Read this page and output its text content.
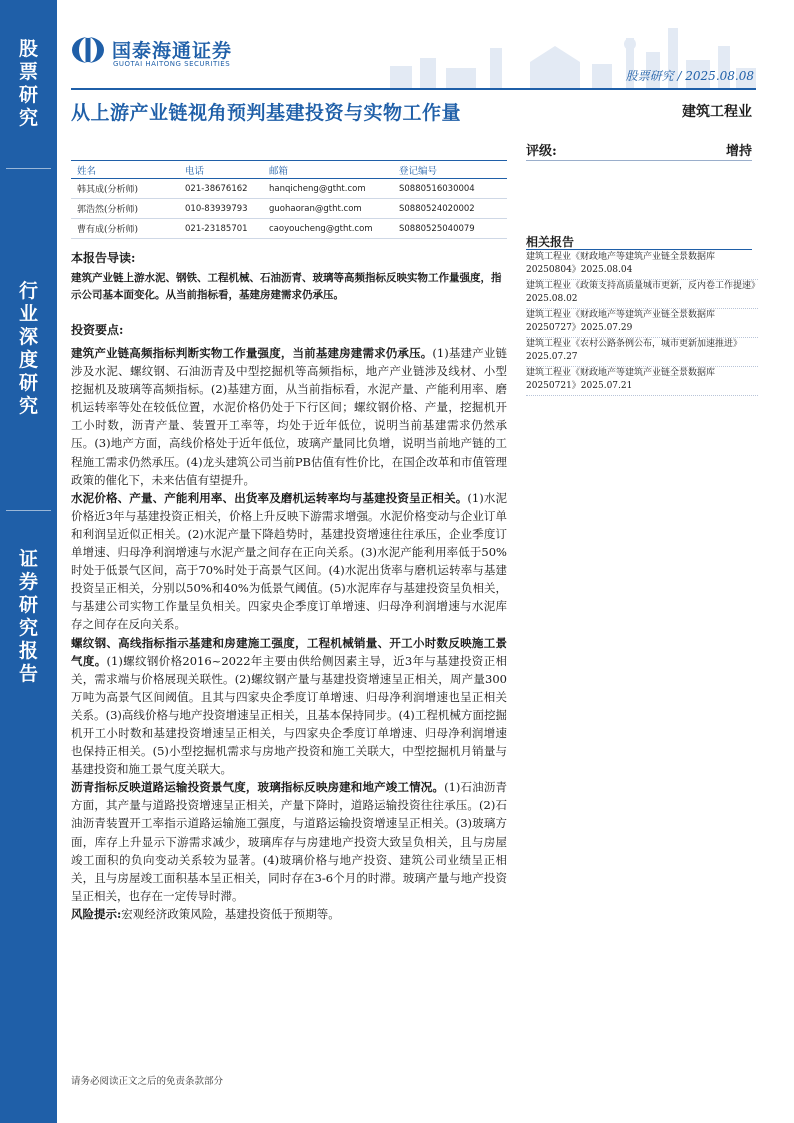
股
票
研
究
行
业
深
度
研
究
证
券
研
究
报
告
国泰海通证券
GUOTAI HAITONG SECURITIES
股票研究 / 2025.08.08
从上游产业链视角预判基建投资与实物工作量	建筑工程业
姓名	电话	邮箱	登记编号
韩其成(分析师)	021-38676162	hanqicheng@gtht.com	S0880516030004
郭浩然(分析师)	010-83939793	guohaoran@gtht.com	S0880524020002
曹有成(分析师)	021-23185701	caoyoucheng@gtht.com	S0880525040079
评级:	增持
本报告导读:
建筑产业链上游水泥、钢铁、工程机械、石油沥青、玻璃等高频指标反映实物工作量强度，指示公司基本面变化。从当前指标看，基建房建需求仍承压。
投资要点:

建筑产业链高频指标判断实物工作量强度，当前基建房建需求仍承压。(1)基建产业链涉及水泥、螺纹钢、石油沥青及中型挖掘机等高频指标，地产产业链涉及线材、小型挖掘机及玻璃等高频指标。(2)基建方面，从当前指标看，水泥产量、产能利用率、磨机运转率等处在较低位置，水泥价格仍处于下行区间；螺纹钢价格、产量，挖掘机开工小时数，沥青产量、装置开工率等，均处于近年低位，说明当前基建需求仍然承压。(3)地产方面，高线价格处于近年低位，玻璃产量同比负增，说明当前地产链的工程施工需求仍然承压。(4)龙头建筑公司当前PB估值有性价比，在国企改革和市值管理政策的催化下，未来估值有望提升。

水泥价格、产量、产能利用率、出货率及磨机运转率均与基建投资呈正相关。(1)水泥价格近3年与基建投资正相关，价格上升反映下游需求增强。水泥价格变动与企业订单和利润呈近似正相关。(2)水泥产量下降趋势时，基建投资增速往往承压，企业季度订单增速、归母净利润增速与水泥产量之间存在正向关系。(3)水泥产能利用率低于50%时处于低景气区间，高于70%时处于高景气区间。(4)水泥出货率与磨机运转率与基建投资呈正相关，分别以50%和40%为低景气阈值。(5)水泥库存与基建投资呈负相关，与基建公司实物工作量呈负相关。四家央企季度订单增速、归母净利润增速与水泥库存之间存在反向关系。

螺纹钢、高线指标指示基建和房建施工强度，工程机械销量、开工小时数反映施工景气度。(1)螺纹钢价格2016~2022年主要由供给侧因素主导，近3年与基建投资正相关，需求端与价格展现关联性。(2)螺纹钢产量与基建投资增速呈正相关，周产量300万吨为高景气区间阈值。且其与四家央企季度订单增速、归母净利润增速也呈正相关关系。(3)高线价格与地产投资增速呈正相关，且基本保持同步。(4)工程机械方面挖掘机开工小时数和基建投资增速呈正相关，与四家央企季度订单增速、归母净利润增速也保持正相关。(5)小型挖掘机需求与房地产投资和施工关联大，中型挖掘机月销量与基建投资和施工景气度关联大。

沥青指标反映道路运输投资景气度，玻璃指标反映房建和地产竣工情况。(1)石油沥青方面，其产量与道路投资增速呈正相关，产量下降时，道路运输投资往往承压。(2)石油沥青装置开工率指示道路运输施工强度，与道路运输投资增速呈正相关。(3)玻璃方面，库存上升显示下游需求减少，玻璃库存与房建地产投资大致呈负相关，且与房屋竣工面积的负向变动关系较为显著。(4)玻璃价格与地产投资、建筑公司业绩呈正相关，且与房屋竣工面积基本呈正相关，同时存在3-6个月的时滞。玻璃产量与地产投资呈正相关，也存在一定传导时滞。

风险提示:宏观经济政策风险，基建投资低于预期等。

相关报告
建筑工程业《财政地产等建筑产业链全景数据库20250804》2025.08.04
建筑工程业《政策支持高质量城市更新，反内卷工作提速》2025.08.02
建筑工程业《财政地产等建筑产业链全景数据库20250727》2025.07.29
建筑工程业《农村公路条例公布，城市更新加速推进》2025.07.27
建筑工程业《财政地产等建筑产业链全景数据库20250721》2025.07.21
请务必阅读正文之后的免责条款部分
